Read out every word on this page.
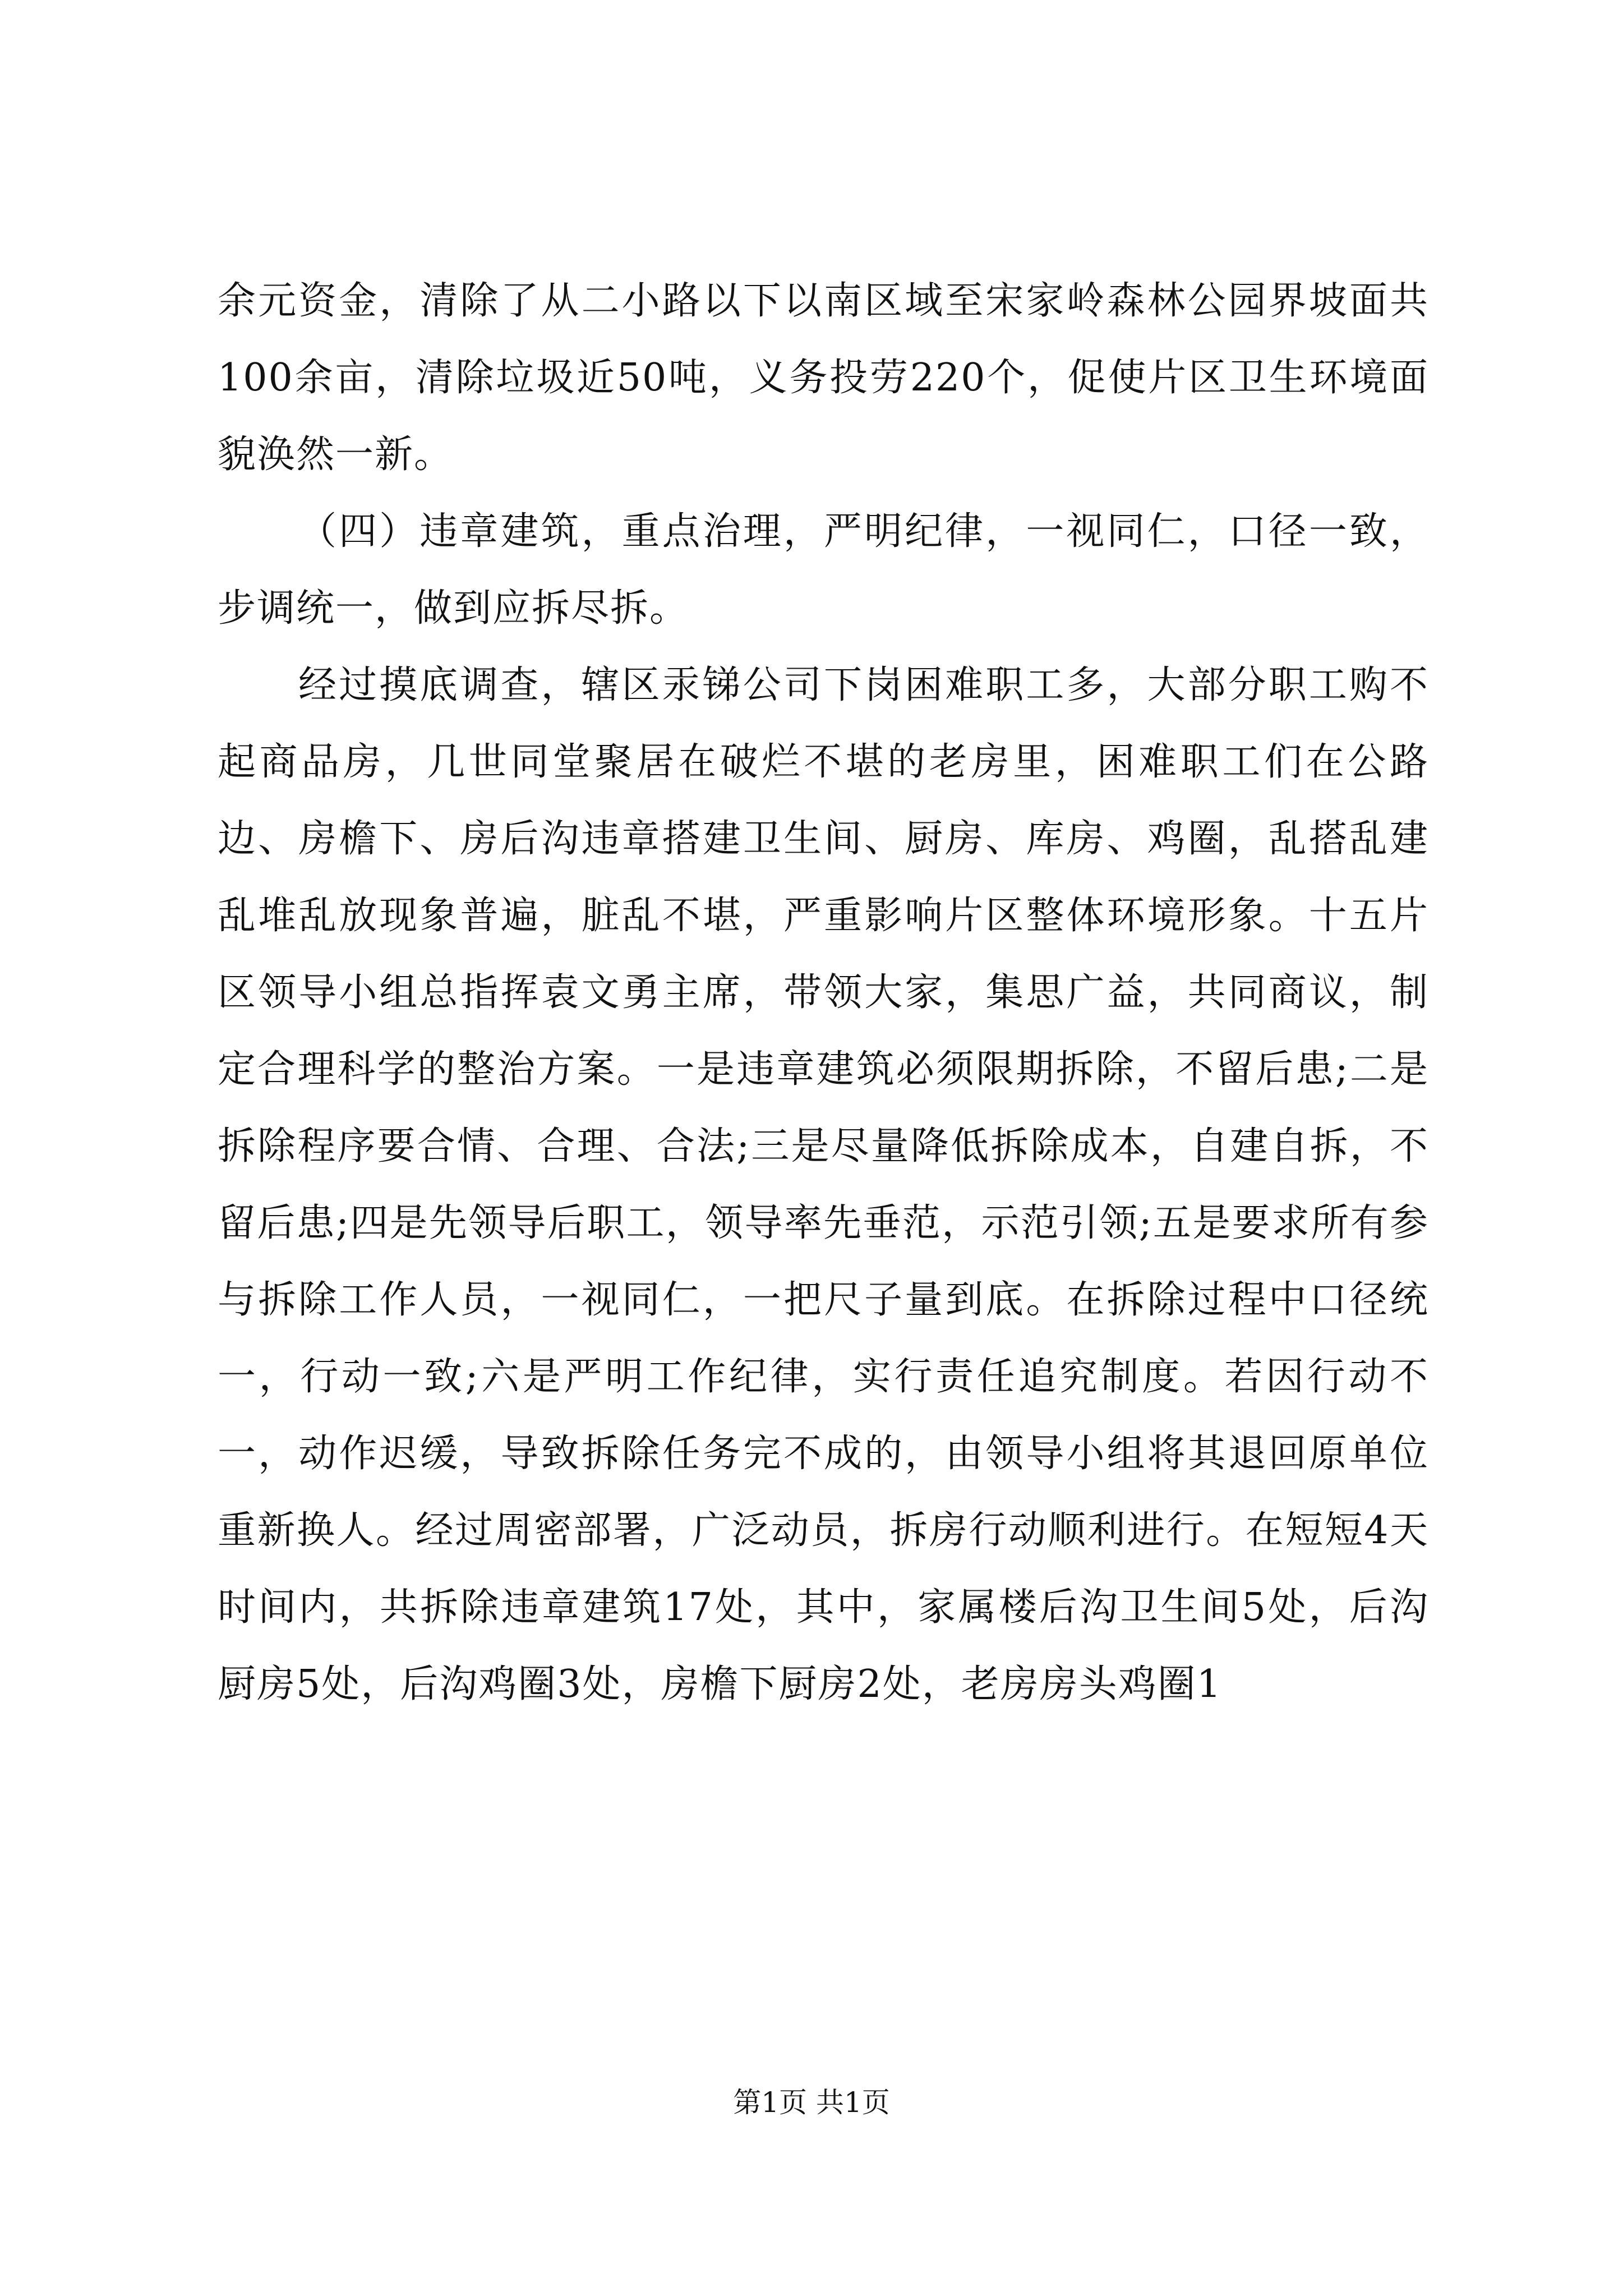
余元资金，清除了从二小路以下以南区域至宋家岭森林公园界坡面共100余亩，清除垃圾近50吨，义务投劳220个，促使片区卫生环境面貌涣然一新。

（四）违章建筑，重点治理，严明纪律，一视同仁，口径一致，步调统一，做到应拆尽拆。

经过摸底调查，辖区汞锑公司下岗困难职工多，大部分职工购不起商品房，几世同堂聚居在破烂不堪的老房里，困难职工们在公路边、房檐下、房后沟违章搭建卫生间、厨房、库房、鸡圈，乱搭乱建乱堆乱放现象普遍，脏乱不堪，严重影响片区整体环境形象。十五片区领导小组总指挥袁文勇主席，带领大家，集思广益，共同商议，制定合理科学的整治方案。一是违章建筑必须限期拆除，不留后患;二是拆除程序要合情、合理、合法;三是尽量降低拆除成本，自建自拆，不留后患;四是先领导后职工，领导率先垂范，示范引领;五是要求所有参与拆除工作人员，一视同仁，一把尺子量到底。在拆除过程中口径统一，行动一致;六是严明工作纪律，实行责任追究制度。若因行动不一，动作迟缓，导致拆除任务完不成的，由领导小组将其退回原单位重新换人。经过周密部署，广泛动员，拆房行动顺利进行。在短短4天时间内，共拆除违章建筑17处，其中，家属楼后沟卫生间5处，后沟厨房5处，后沟鸡圈3处，房檐下厨房2处，老房房头鸡圈1

第1页 共1页
